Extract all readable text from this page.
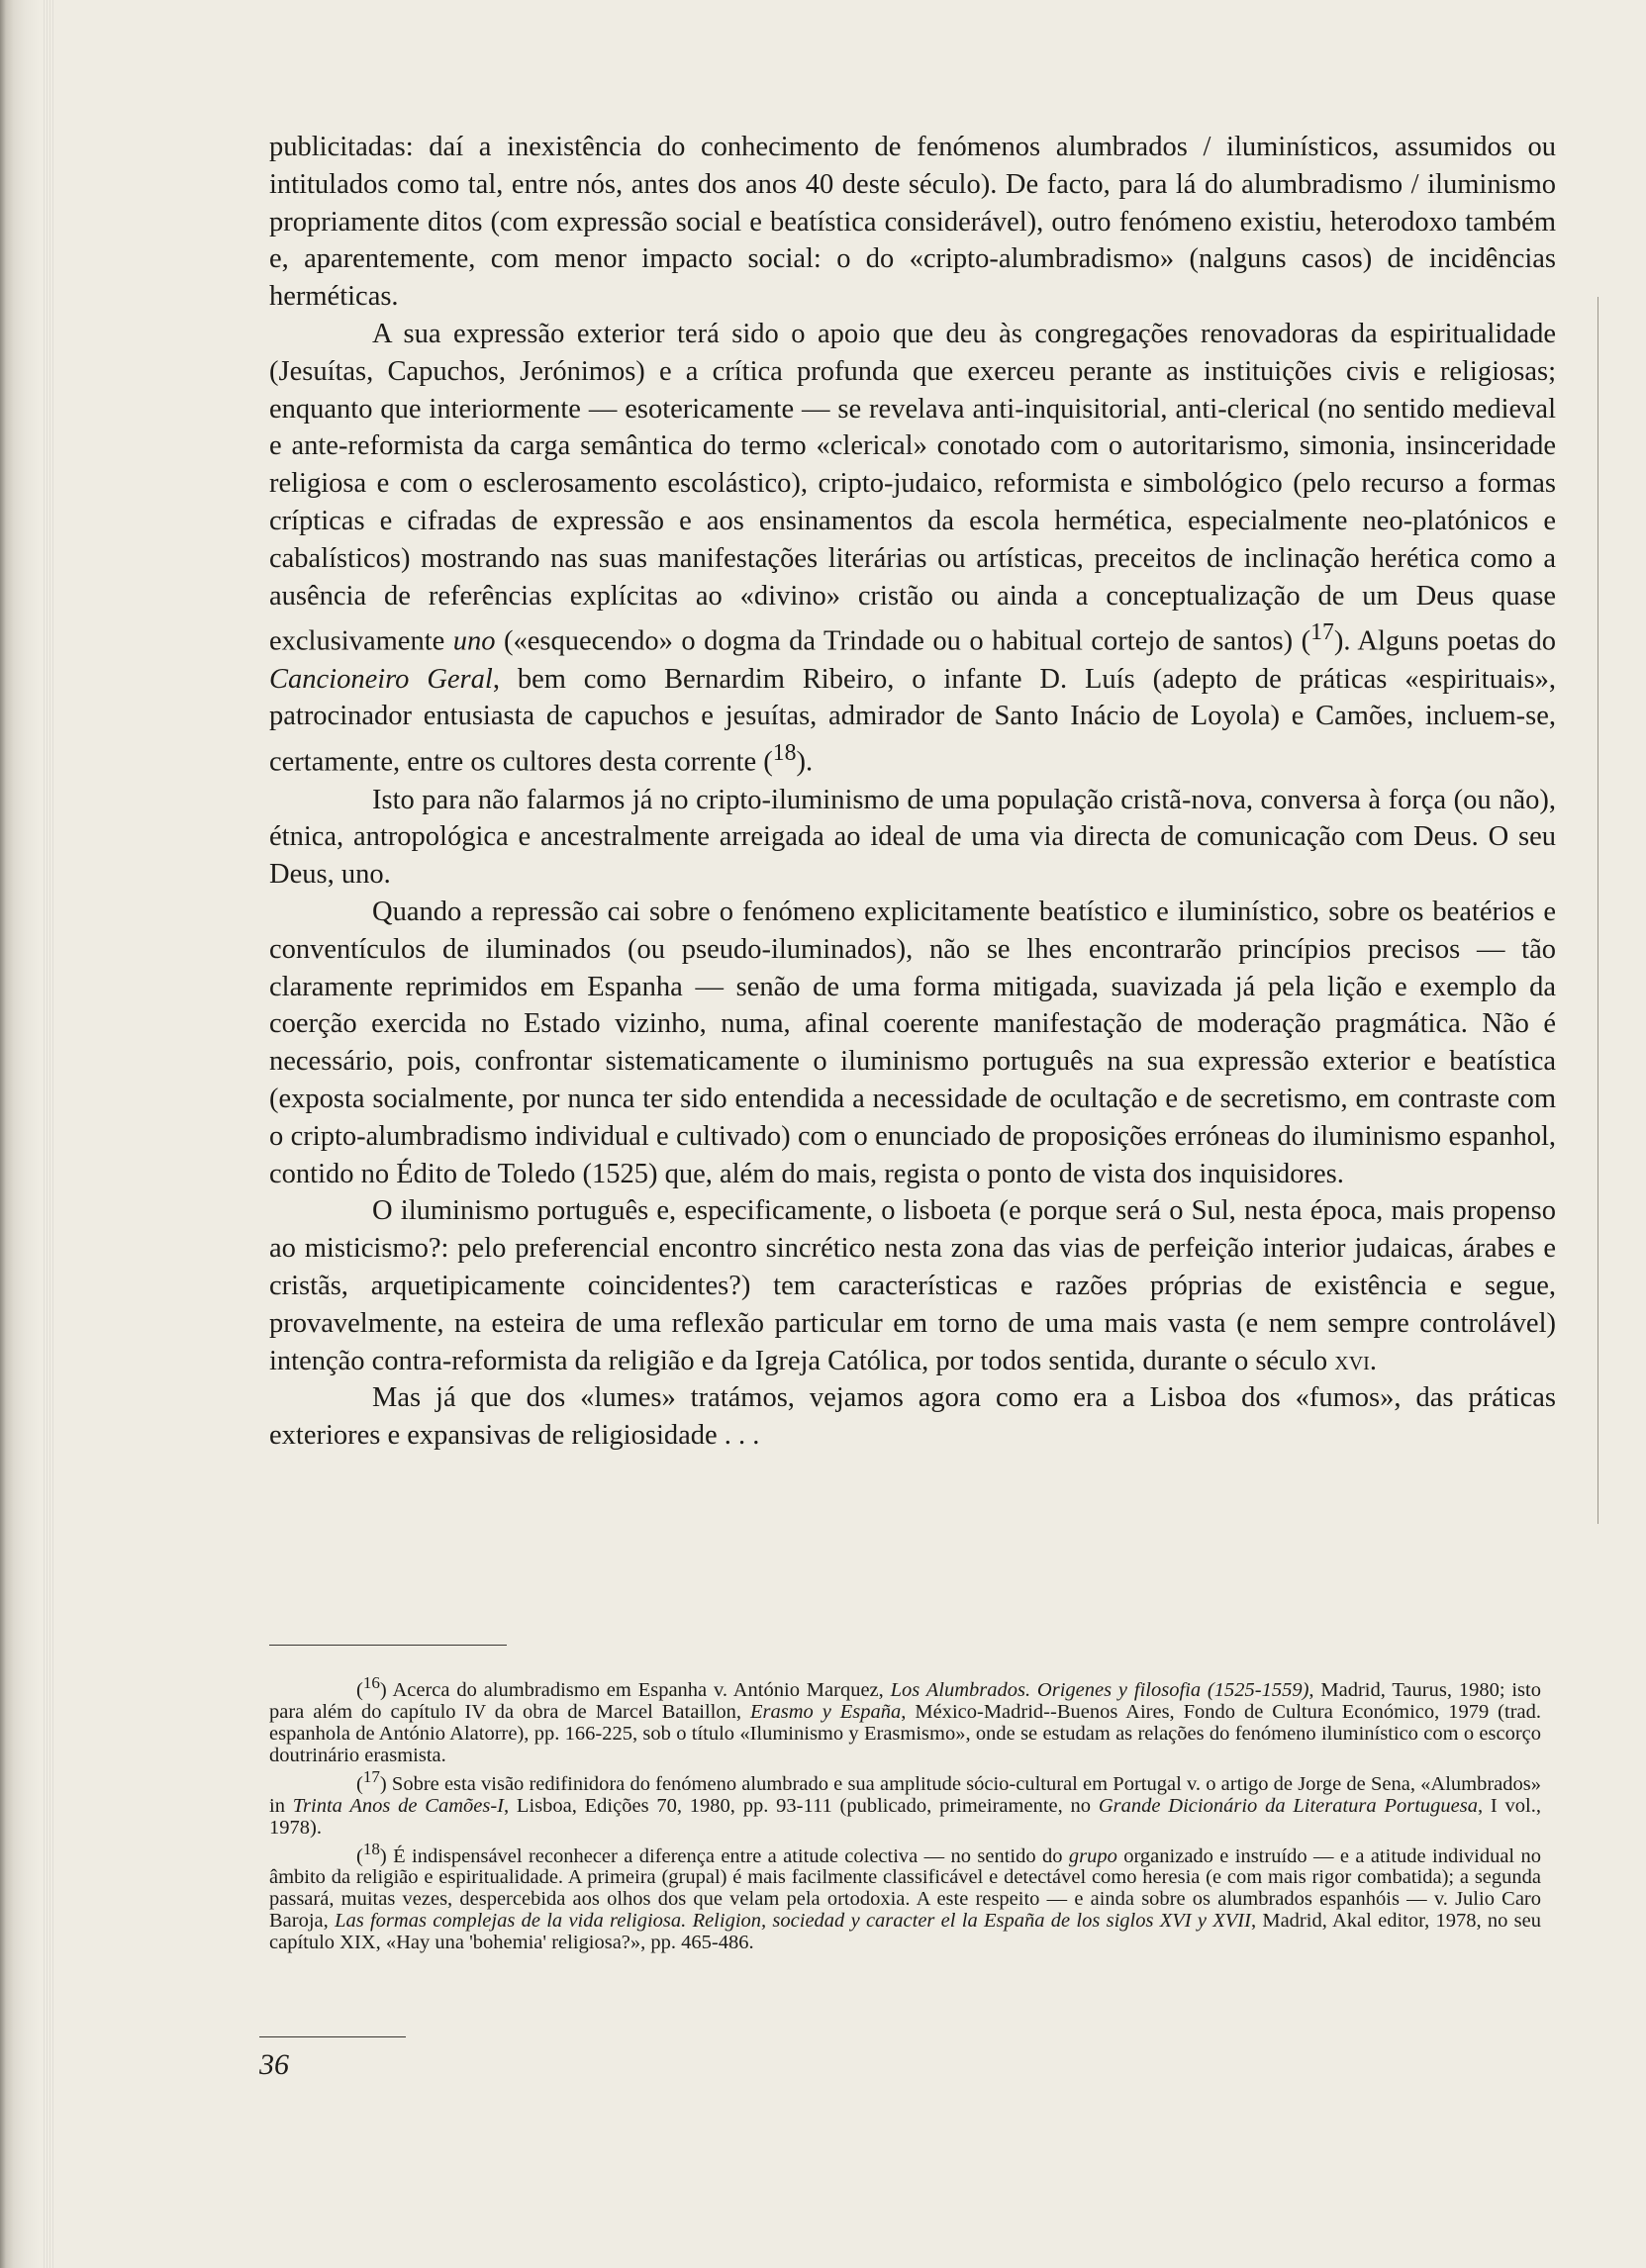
publicitadas: daí a inexistência do conhecimento de fenómenos alumbrados / iluminísticos, assumidos ou intitulados como tal, entre nós, antes dos anos 40 deste século). De facto, para lá do alumbradismo / iluminismo propriamente ditos (com expressão social e beatística considerável), outro fenómeno existiu, heterodoxo também e, aparentemente, com menor impacto social: o do «cripto-alumbradismo» (nalguns casos) de incidências herméticas.

A sua expressão exterior terá sido o apoio que deu às congregações renovadoras da espiritualidade (Jesuítas, Capuchos, Jerónimos) e a crítica profunda que exerceu perante as instituições civis e religiosas; enquanto que interiormente — esotericamente — se revelava anti-inquisitorial, anti-clerical (no sentido medieval e ante-reformista da carga semântica do termo «clerical» conotado com o autoritarismo, simonia, insinceridade religiosa e com o esclerosamento escolástico), cripto-judaico, reformista e simbológico (pelo recurso a formas crípticas e cifradas de expressão e aos ensinamentos da escola hermética, especialmente neo-platónicos e cabalísticos) mostrando nas suas manifestações literárias ou artísticas, preceitos de inclinação herética como a ausência de referências explícitas ao «divino» cristão ou ainda a conceptualização de um Deus quase exclusivamente uno («esquecendo» o dogma da Trindade ou o habitual cortejo de santos) ($^{17}$). Alguns poetas do Cancioneiro Geral, bem como Bernardim Ribeiro, o infante D. Luís (adepto de práticas «espirituais», patrocinador entusiasta de capuchos e jesuítas, admirador de Santo Inácio de Loyola) e Camões, incluem-se, certamente, entre os cultores desta corrente ($^{18}$).

Isto para não falarmos já no cripto-iluminismo de uma população cristã-nova, conversa à força (ou não), étnica, antropológica e ancestralmente arreigada ao ideal de uma via directa de comunicação com Deus. O seu Deus, uno.

Quando a repressão cai sobre o fenómeno explicitamente beatístico e iluminístico, sobre os beatérios e conventículos de iluminados (ou pseudo-iluminados), não se lhes encontrarão princípios precisos — tão claramente reprimidos em Espanha — senão de uma forma mitigada, suavizada já pela lição e exemplo da coerção exercida no Estado vizinho, numa, afinal coerente manifestação de moderação pragmática. Não é necessário, pois, confrontar sistematicamente o iluminismo português na sua expressão exterior e beatística (exposta socialmente, por nunca ter sido entendida a necessidade de ocultação e de secretismo, em contraste com o cripto-alumbradismo individual e cultivado) com o enunciado de proposições erróneas do iluminismo espanhol, contido no Édito de Toledo (1525) que, além do mais, regista o ponto de vista dos inquisidores.

O iluminismo português e, especificamente, o lisboeta (e porque será o Sul, nesta época, mais propenso ao misticismo?: pelo preferencial encontro sincrético nesta zona das vias de perfeição interior judaicas, árabes e cristãs, arquetipicamente coincidentes?) tem características e razões próprias de existência e segue, provavelmente, na esteira de uma reflexão particular em torno de uma mais vasta (e nem sempre controlável) intenção contra-reformista da religião e da Igreja Católica, por todos sentida, durante o século xvi.

Mas já que dos «lumes» tratámos, vejamos agora como era a Lisboa dos «fumos», das práticas exteriores e expansivas de religiosidade . . .

($^{16}$) Acerca do alumbradismo em Espanha v. António Marquez, Los Alumbrados. Origenes y filosofia (1525-1559), Madrid, Taurus, 1980; isto para além do capítulo IV da obra de Marcel Bataillon, Erasmo y España, México-Madrid--Buenos Aires, Fondo de Cultura Económico, 1979 (trad. espanhola de António Alatorre), pp. 166-225, sob o título «Iluminismo y Erasmismo», onde se estudam as relações do fenómeno iluminístico com o escorço doutrinário erasmista.

($^{17}$) Sobre esta visão redifinidora do fenómeno alumbrado e sua amplitude sócio-cultural em Portugal v. o artigo de Jorge de Sena, «Alumbrados» in Trinta Anos de Camões-I, Lisboa, Edições 70, 1980, pp. 93-111 (publicado, primeiramente, no Grande Dicionário da Literatura Portuguesa, I vol., 1978).

($^{18}$) É indispensável reconhecer a diferença entre a atitude colectiva — no sentido do grupo organizado e instruído — e a atitude individual no âmbito da religião e espiritualidade. A primeira (grupal) é mais facilmente classificável e detectável como heresia (e com mais rigor combatida); a segunda passará, muitas vezes, despercebida aos olhos dos que velam pela ortodoxia. A este respeito — e ainda sobre os alumbrados espanhóis — v. Julio Caro Baroja, Las formas complejas de la vida religiosa. Religion, sociedad y caracter el la España de los siglos XVI y XVII, Madrid, Akal editor, 1978, no seu capítulo XIX, «Hay una 'bohemia' religiosa?», pp. 465-486.

36
